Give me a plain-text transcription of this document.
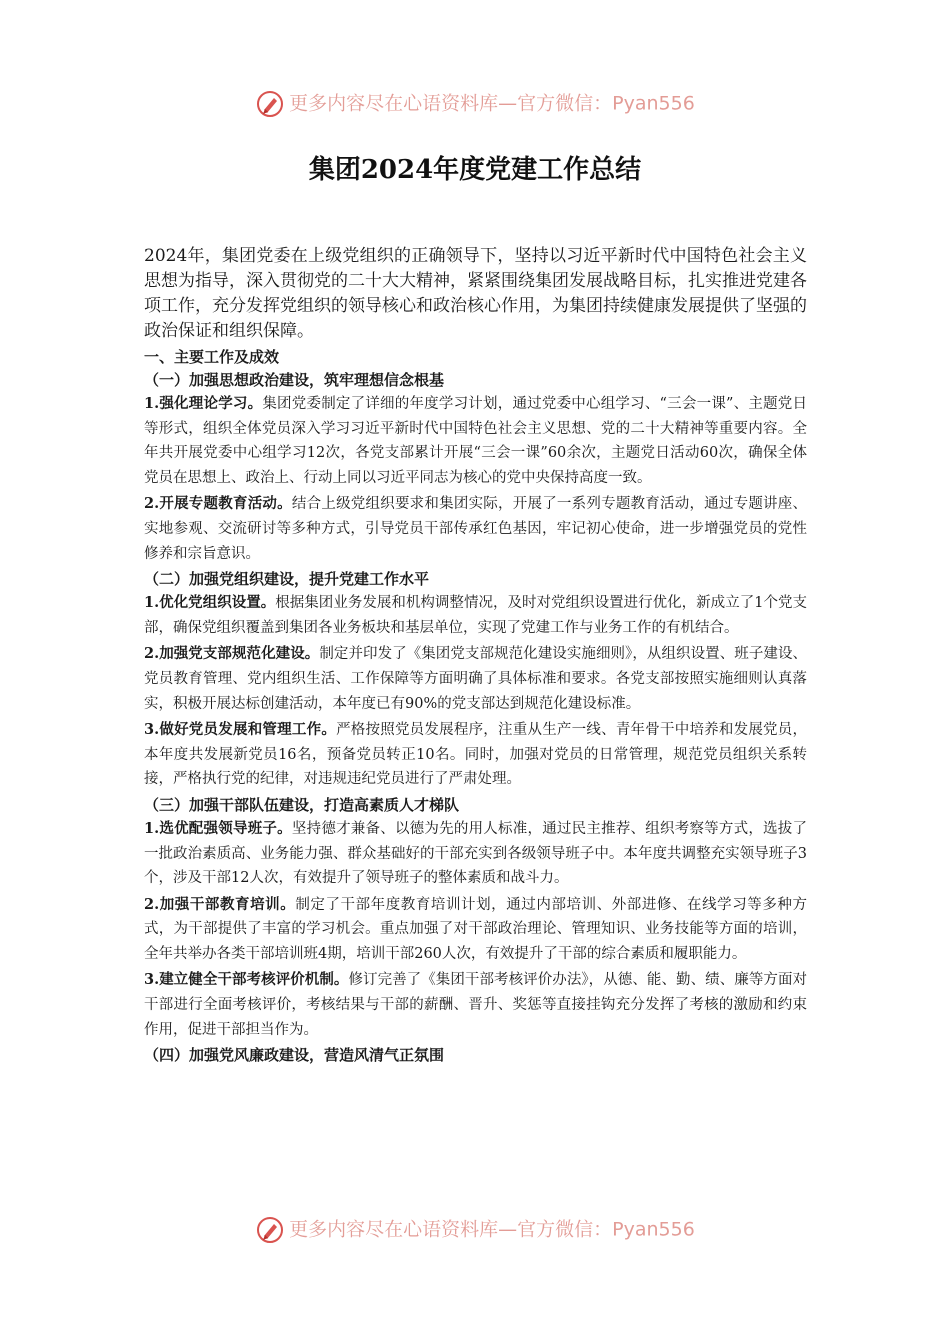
更多内容尽在心语资料库—官方微信：Pyan556
集团2024年度党建工作总结

2024年，集团党委在上级党组织的正确领导下，坚持以习近平新时代中国特色社会主义思想为指导，深入贯彻党的二十大大精神，紧紧围绕集团发展战略目标，扎实推进党建各项工作，充分发挥党组织的领导核心和政治核心作用，为集团持续健康发展提供了坚强的政治保证和组织保障。

一、主要工作及成效

（一）加强思想政治建设，筑牢理想信念根基

1.强化理论学习。集团党委制定了详细的年度学习计划，通过党委中心组学习、“三会一课”、主题党日等形式，组织全体党员深入学习习近平新时代中国特色社会主义思想、党的二十大精神等重要内容。全年共开展党委中心组学习12次，各党支部累计开展“三会一课”60余次，主题党日活动60次，确保全体党员在思想上、政治上、行动上同以习近平同志为核心的党中央保持高度一致。

2.开展专题教育活动。结合上级党组织要求和集团实际，开展了一系列专题教育活动，通过专题讲座、实地参观、交流研讨等多种方式，引导党员干部传承红色基因，牢记初心使命，进一步增强党员的党性修养和宗旨意识。

（二）加强党组织建设，提升党建工作水平

1.优化党组织设置。根据集团业务发展和机构调整情况，及时对党组织设置进行优化，新成立了1个党支部，确保党组织覆盖到集团各业务板块和基层单位，实现了党建工作与业务工作的有机结合。

2.加强党支部规范化建设。制定并印发了《集团党支部规范化建设实施细则》，从组织设置、班子建设、党员教育管理、党内组织生活、工作保障等方面明确了具体标准和要求。各党支部按照实施细则认真落实，积极开展达标创建活动，本年度已有90%的党支部达到规范化建设标准。

3.做好党员发展和管理工作。严格按照党员发展程序，注重从生产一线、青年骨干中培养和发展党员，本年度共发展新党员16名，预备党员转正10名。同时，加强对党员的日常管理，规范党员组织关系转接，严格执行党的纪律，对违规违纪党员进行了严肃处理。

（三）加强干部队伍建设，打造高素质人才梯队

1.选优配强领导班子。坚持德才兼备、以德为先的用人标准，通过民主推荐、组织考察等方式，选拔了一批政治素质高、业务能力强、群众基础好的干部充实到各级领导班子中。本年度共调整充实领导班子3个，涉及干部12人次，有效提升了领导班子的整体素质和战斗力。

2.加强干部教育培训。制定了干部年度教育培训计划，通过内部培训、外部进修、在线学习等多种方式，为干部提供了丰富的学习机会。重点加强了对干部政治理论、管理知识、业务技能等方面的培训，全年共举办各类干部培训班4期，培训干部260人次，有效提升了干部的综合素质和履职能力。

3.建立健全干部考核评价机制。修订完善了《集团干部考核评价办法》，从德、能、勤、绩、廉等方面对干部进行全面考核评价，考核结果与干部的薪酬、晋升、奖惩等直接挂钩充分发挥了考核的激励和约束作用，促进干部担当作为。

（四）加强党风廉政建设，营造风清气正氛围

更多内容尽在心语资料库—官方微信：Pyan556
